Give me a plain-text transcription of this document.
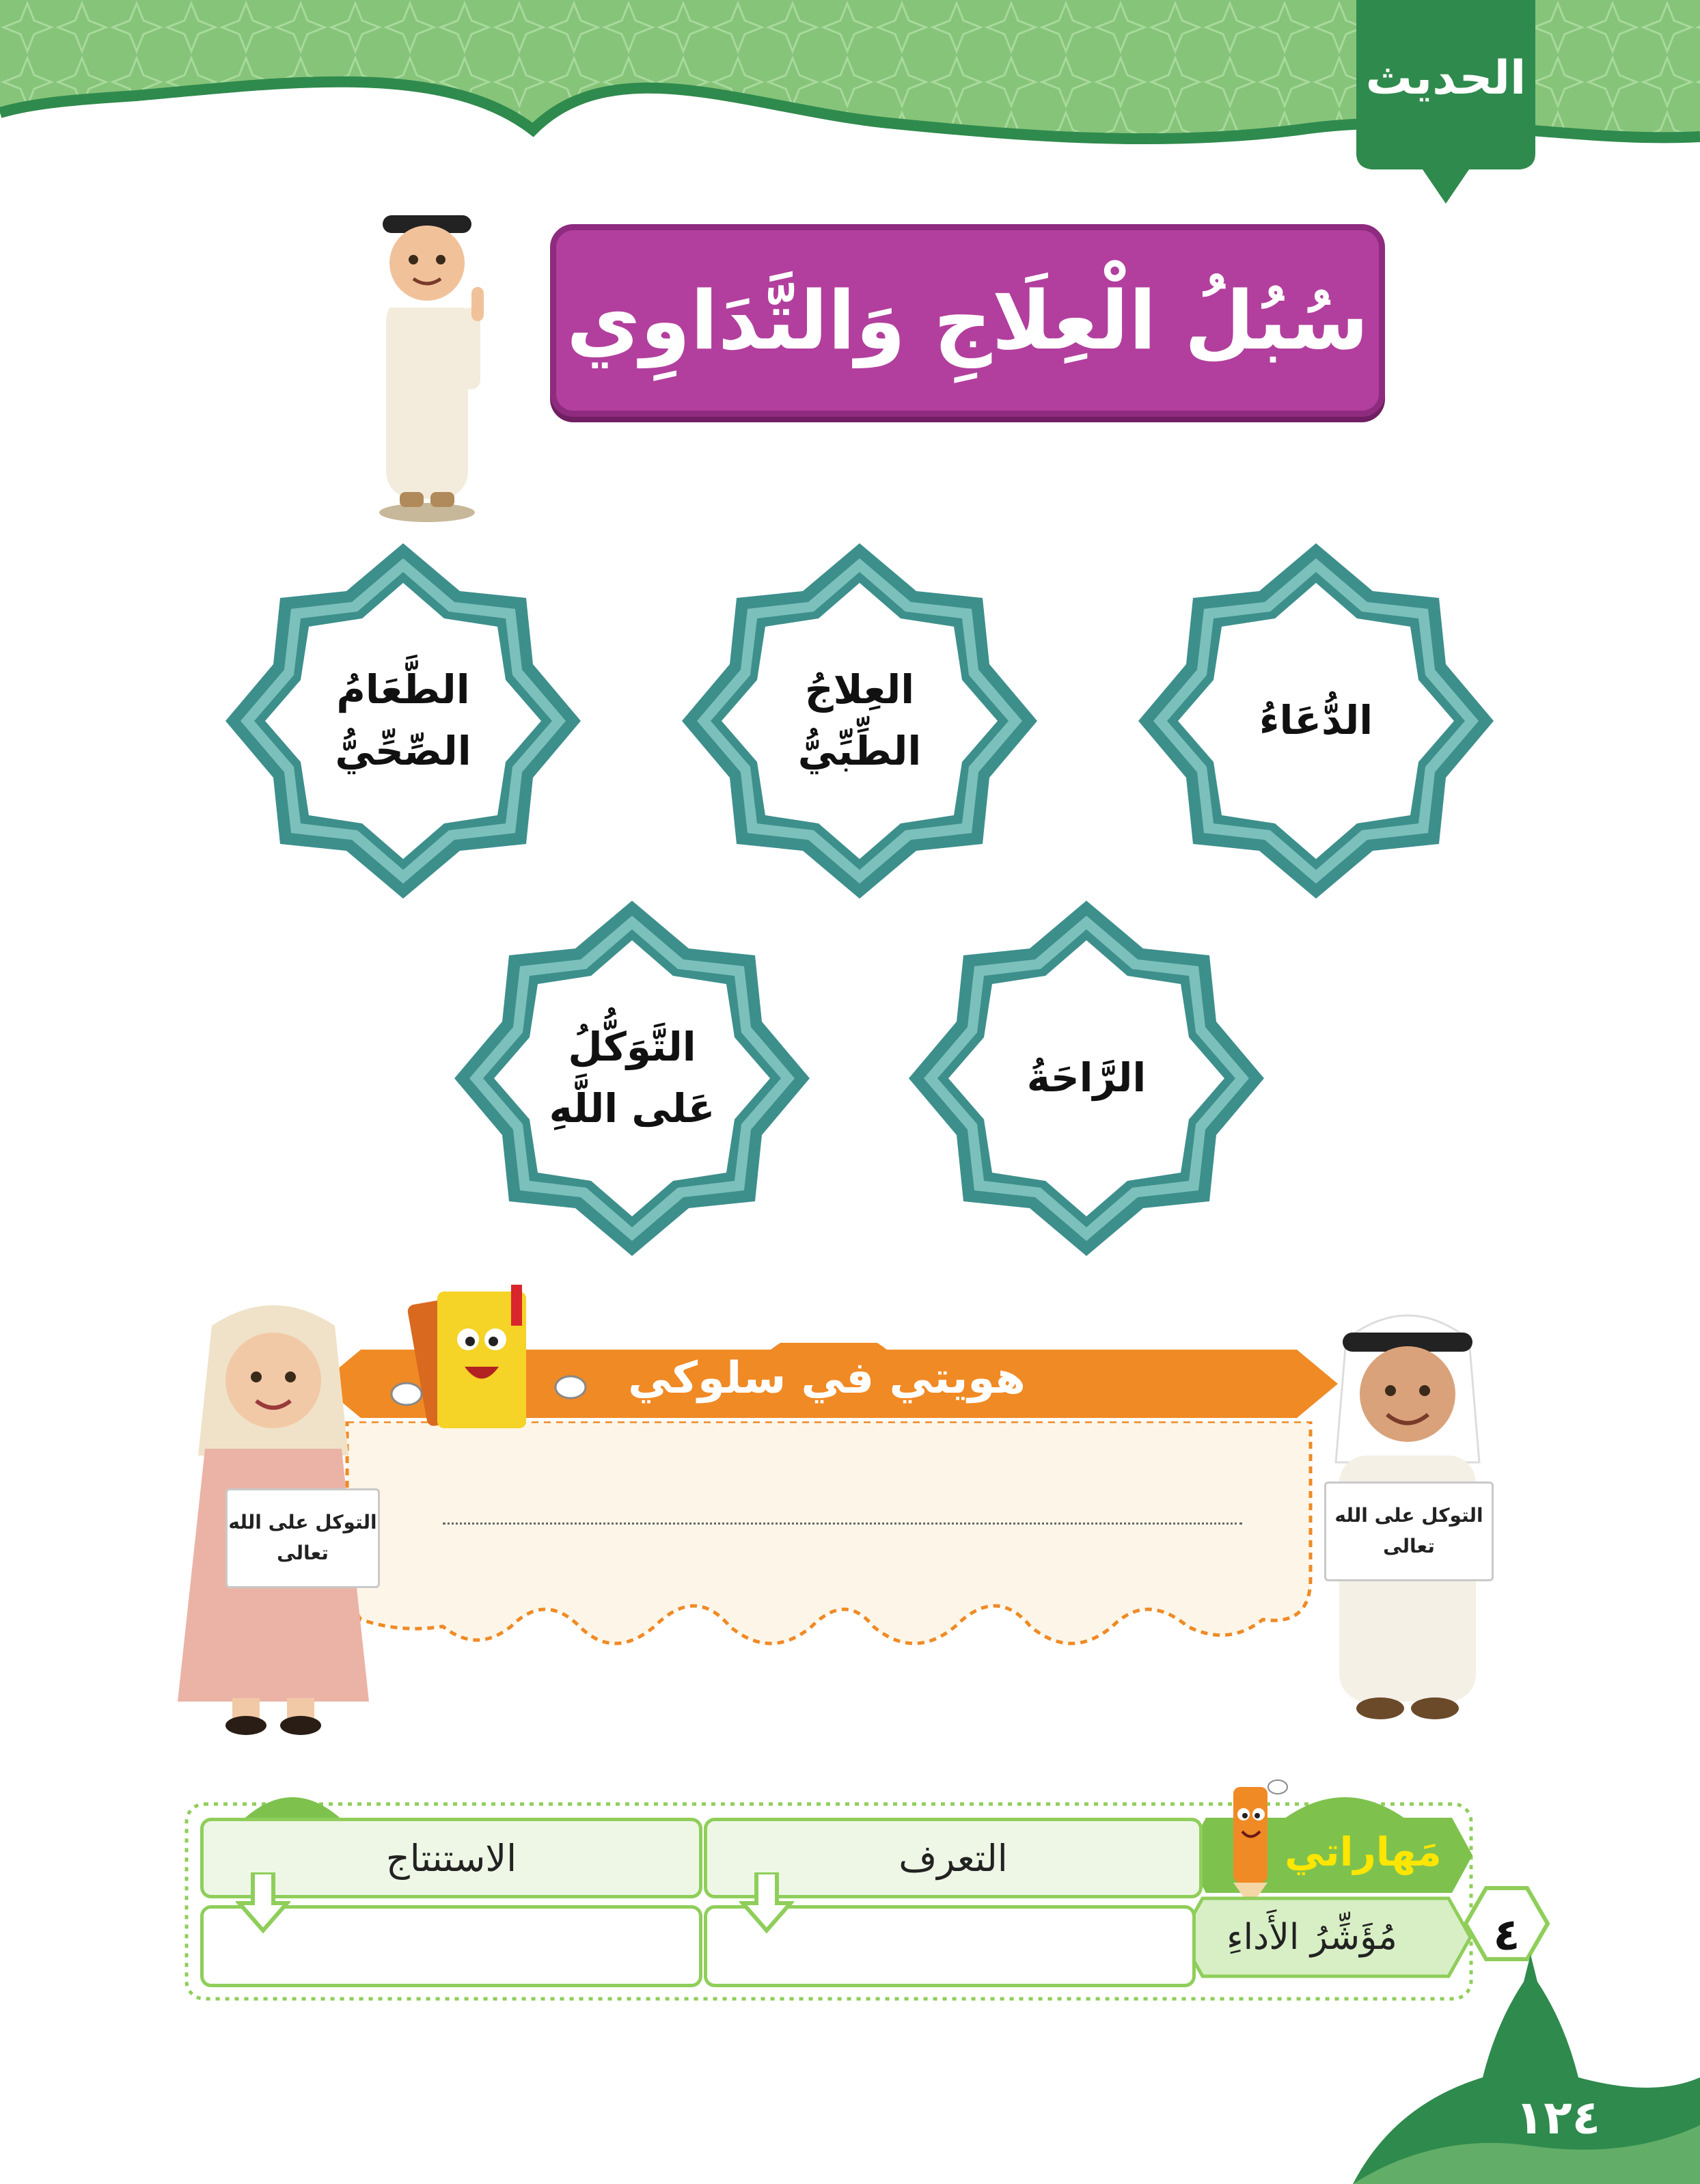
الحديث
سُبُلُ الْعِلَاجِ وَالتَّدَاوِي
الدُّعَاءُ
العِلاجُ
الطِّبِّيُّ
الطَّعَامُ
الصِّحِّيُّ
الرَّاحَةُ
التَّوَكُّلُ
عَلى اللَّهِ
هويتي في سلوكي
التوكل على الله
تعالى
التوكل على الله
تعالى
مَهاراتي
مُؤَشِّرُ الأَداءِ	٤
التعرف
الاستنتاج
١٢٤
